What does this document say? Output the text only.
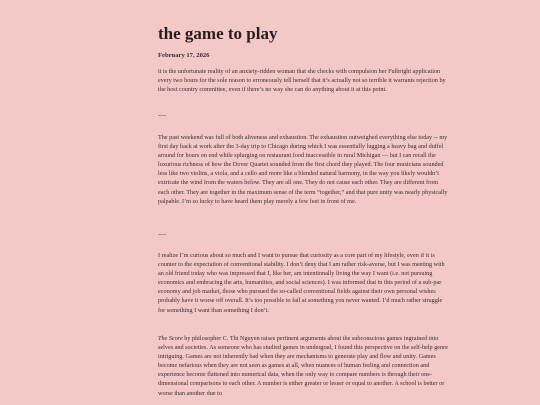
the game to play
February 17, 2026

it is the unfortunate reality of an anxiety-ridden woman that she checks with compulsion her Fulbright application every two hours for the sole reason to erroneously tell herself that it’s actually not so terrible it warrants rejection by the host country committee, even if there’s no way she can do anything about it at this point.

----

The past weekend was full of both aliveness and exhaustion. The exhaustion outweighed everything else today -- my first day back at work after the 3-day trip to Chicago during which I was essentially lugging a heavy bag and duffel around for hours on end while splurging on restaurant food inaccessible in rural Michigan — but I can recall the luxurious richness of how the Dover Quartet sounded from the first chord they played. The four musicians sounded less like two violins, a viola, and a cello and more like a blended natural harmony, in the way you likely wouldn’t extricate the wind from the waters below. They are all one. They do not cause each other. They are different from each other. They are together in the maximum sense of the term “together,” and that pure unity was nearly physically palpable. I’m so lucky to have heard them play merely a few feet in front of me.

----

I realize I’m curious about so much and I want to pursue that curiosity as a core part of my lifestyle, even if it is counter to the expectation of conventional stability. I don’t deny that I am rather risk-averse, but I was meeting with an old friend today who was impressed that I, like her, am intentionally living the way I want (i.e. not pursuing economics and embracing the arts, humanities, and social sciences). I was informed that in this period of a sub-par economy and job market, those who pursued the so-called conventional fields against their own personal wishes probably have it worse off overall. It’s too possible to fail at something you never wanted. I’d much rather struggle for something I want than something I don’t.

The Score by philosopher C. Thi Nguyen raises pertinent arguments about the subconscious games ingrained into selves and societies. As someone who has studied games in undergrad, I found this perspective on the self-help genre intriguing. Games are not inherently bad when they are mechanisms to generate play and flow and unity. Games become nefarious when they are not seen as games at all, when nuances of human feeling and connection and experience become flattened into numerical data, when the only way to compare numbers is through their one-dimensional comparisons to each other. A number is either greater or lesser or equal to another. A school is better or worse than another due to
